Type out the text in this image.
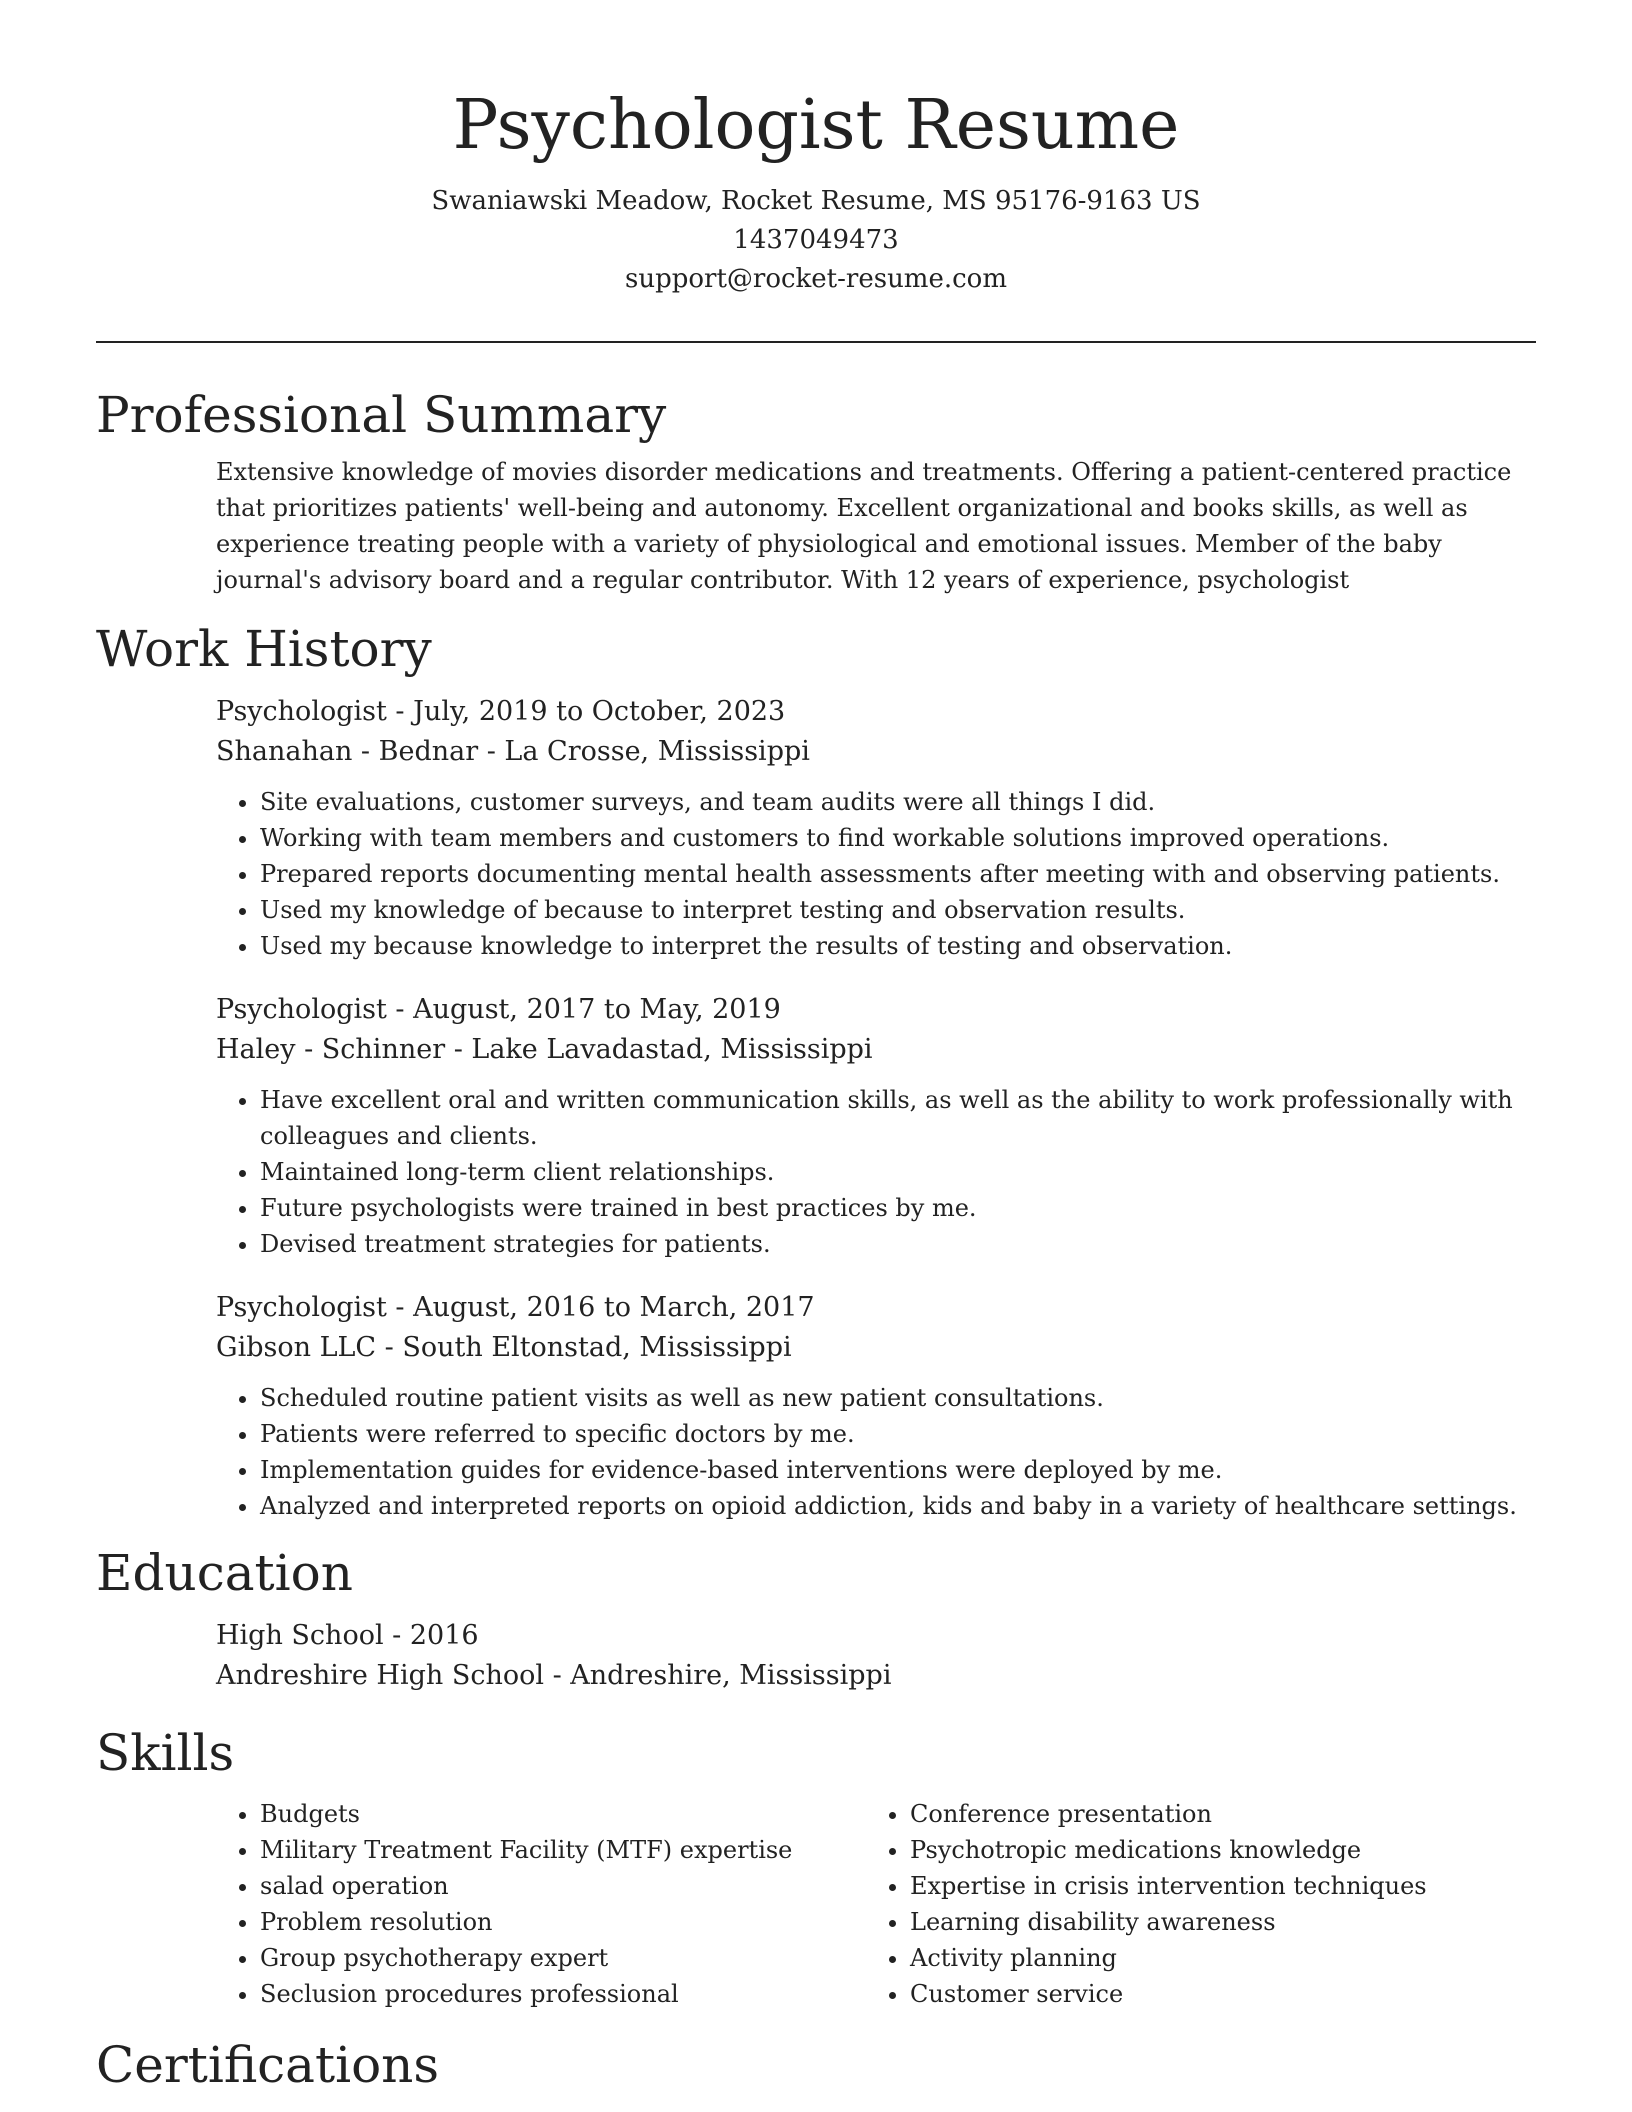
Psychologist Resume
Swaniawski Meadow, Rocket Resume, MS 95176-9163 US
1437049473
support@rocket-resume.com
Professional Summary

Extensive knowledge of movies disorder medications and treatments. Offering a patient-centered practice that prioritizes patients' well-being and autonomy. Excellent organizational and books skills, as well as experience treating people with a variety of physiological and emotional issues. Member of the baby journal's advisory board and a regular contributor. With 12 years of experience, psychologist

Work History
Psychologist - July, 2019 to October, 2023
Shanahan - Bednar - La Crosse, Mississippi
• Site evaluations, customer surveys, and team audits were all things I did.
• Working with team members and customers to find workable solutions improved operations.
• Prepared reports documenting mental health assessments after meeting with and observing patients.
• Used my knowledge of because to interpret testing and observation results.
• Used my because knowledge to interpret the results of testing and observation.
Psychologist - August, 2017 to May, 2019
Haley - Schinner - Lake Lavadastad, Mississippi
• Have excellent oral and written communication skills, as well as the ability to work professionally with colleagues and clients.
• Maintained long-term client relationships.
• Future psychologists were trained in best practices by me.
• Devised treatment strategies for patients.
Psychologist - August, 2016 to March, 2017
Gibson LLC - South Eltonstad, Mississippi
• Scheduled routine patient visits as well as new patient consultations.
• Patients were referred to specific doctors by me.
• Implementation guides for evidence-based interventions were deployed by me.
• Analyzed and interpreted reports on opioid addiction, kids and baby in a variety of healthcare settings.
Education
High School - 2016
Andreshire High School - Andreshire, Mississippi
Skills
• Budgets
• Military Treatment Facility (MTF) expertise
• salad operation
• Problem resolution
• Group psychotherapy expert
• Seclusion procedures professional
• Conference presentation
• Psychotropic medications knowledge
• Expertise in crisis intervention techniques
• Learning disability awareness
• Activity planning
• Customer service
Certifications
